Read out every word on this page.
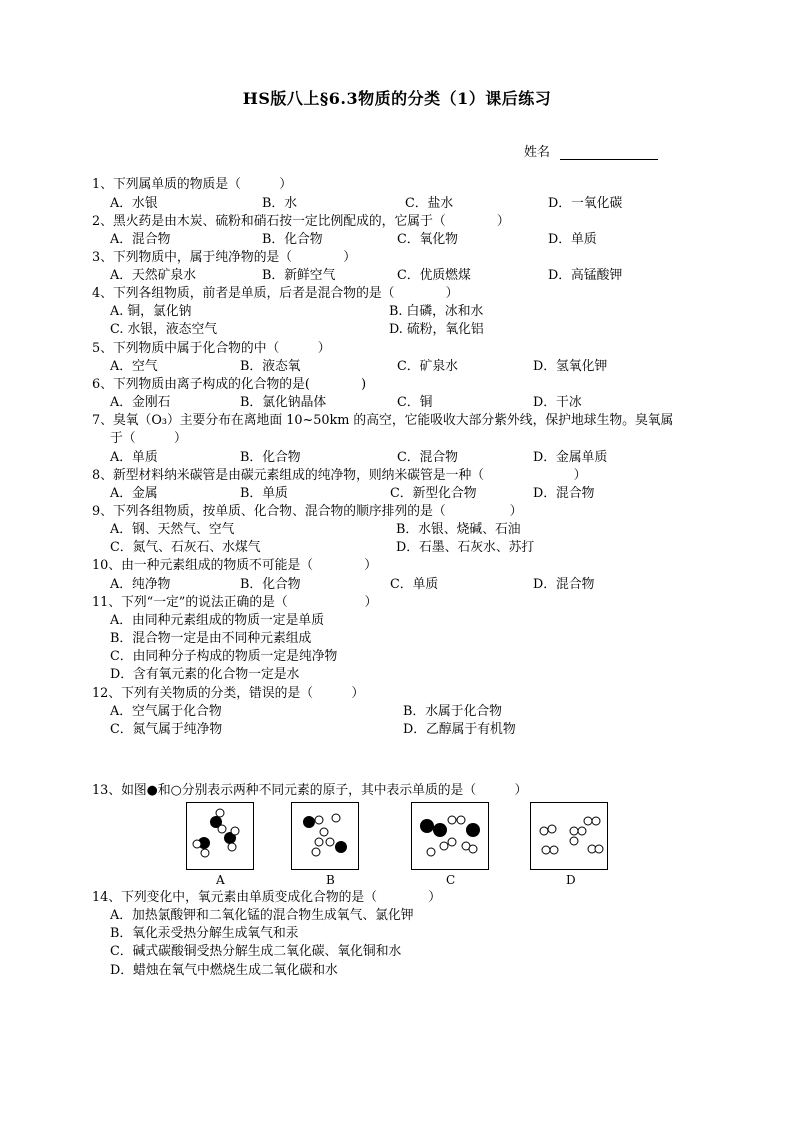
HS版八上§6.3物质的分类（1）课后练习
姓名
1、下列属单质的物质是（　　　）
A．水银	B．水	C．盐水	D．一氧化碳
2、黑火药是由木炭、硫粉和硝石按一定比例配成的，它属于（　　　　）
A．混合物	B．化合物	C．氧化物	D．单质
3、下列物质中，属于纯净物的是（　　　　）
A．天然矿泉水	B．新鲜空气	C．优质燃煤	D．高锰酸钾
4、下列各组物质，前者是单质，后者是混合物的是（　　　　）
A. 铜，氯化钠	B. 白磷，冰和水
C. 水银，液态空气	D. 硫粉，氧化铝
5、下列物质中属于化合物的中（　　　）
A．空气	B．液态氧	C．矿泉水	D．氢氧化钾
6、下列物质由离子构成的化合物的是(　　　　)
A．金刚石	B．氯化钠晶体	C．铜	D．干冰
7、臭氧（O₃）主要分布在离地面 10~50km 的高空，它能吸收大部分紫外线，保护地球生物。臭氧属
于（　　　）
A．单质	B．化合物	C．混合物	D．金属单质
8、新型材料纳米碳管是由碳元素组成的纯净物，则纳米碳管是一种（　　　　　　　）
A．金属	B．单质	C．新型化合物	D．混合物
9、下列各组物质，按单质、化合物、混合物的顺序排列的是（　　　　　）
A．钢、天然气、空气	B．水银、烧碱、石油
C．氮气、石灰石、水煤气	D．石墨、石灰水、苏打
10、由一种元素组成的物质不可能是（　　　　）
A．纯净物	B．化合物	C．单质	D．混合物
11、下列“一定”的说法正确的是（　　　　　　）
A．由同种元素组成的物质一定是单质
B．混合物一定是由不同种元素组成
C．由同种分子构成的物质一定是纯净物
D．含有氧元素的化合物一定是水
12、下列有关物质的分类，错误的是（　　　）
A．空气属于化合物	B．水属于化合物
C．氮气属于纯净物	D．乙醇属于有机物
13、如图●和○分别表示两种不同元素的原子，其中表示单质的是（　　　）
A	B	C	D
14、下列变化中，氧元素由单质变成化合物的是（　　　　）
A．加热氯酸钾和二氧化锰的混合物生成氧气、氯化钾
B．氧化汞受热分解生成氧气和汞
C．碱式碳酸铜受热分解生成二氧化碳、氧化铜和水
D．蜡烛在氧气中燃烧生成二氧化碳和水
